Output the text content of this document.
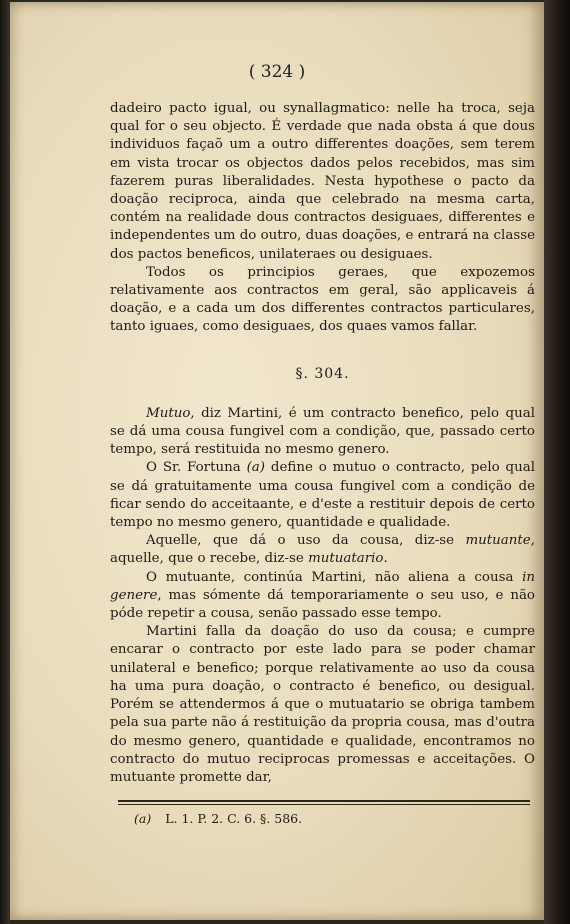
( 324 )

dadeiro pacto igual, ou synallagmatico: nelle ha troca, seja qual for o seu objecto. É verdade que nada obsta á que dous individuos façaõ um a outro differentes doações, sem terem em vista trocar os objectos dados pelos recebidos, mas sim fazerem puras liberalidades. Nesta hypothese o pacto da doação reciproca, ainda que celebrado na mesma carta, contém na realidade dous contractos desiguaes, differentes e independentes um do outro, duas doações, e entrará na classe dos pactos beneficos, unilateraes ou desiguaes.

Todos os principios geraes, que expozemos relativamente aos contractos em geral, são applicaveis á doação, e a cada um dos differentes contractos particulares, tanto iguaes, como desiguaes, dos quaes vamos fallar.

§. 304.

Mutuo, diz Martini, é um contracto benefico, pelo qual se dá uma cousa fungivel com a condição, que, passado certo tempo, será restituida no mesmo genero.

O Sr. Fortuna (a) define o mutuo o contracto, pelo qual se dá gratuitamente uma cousa fungivel com a condição de ficar sendo do acceitaante, e d'este a restituir depois de certo tempo no mesmo genero, quantidade e qualidade.

Aquelle, que dá o uso da cousa, diz-se mutuante, aquelle, que o recebe, diz-se mutuatario.

O mutuante, continúa Martini, não aliena a cousa in genere, mas sómente dá temporariamente o seu uso, e não póde repetir a cousa, senão passado esse tempo.

Martini falla da doação do uso da cousa; e cumpre encarar o contracto por este lado para se poder chamar unilateral e benefico; porque relativamente ao uso da cousa ha uma pura doação, o contracto é benefico, ou desigual. Porém se attendermos á que o mutuatario se obriga tambem pela sua parte não á restituição da propria cousa, mas d'outra do mesmo genero, quantidade e qualidade, encontramos no contracto do mutuo reciprocas promessas e acceitações. O mutuante promette dar,

(a) L. 1. P. 2. C. 6. §. 586.
